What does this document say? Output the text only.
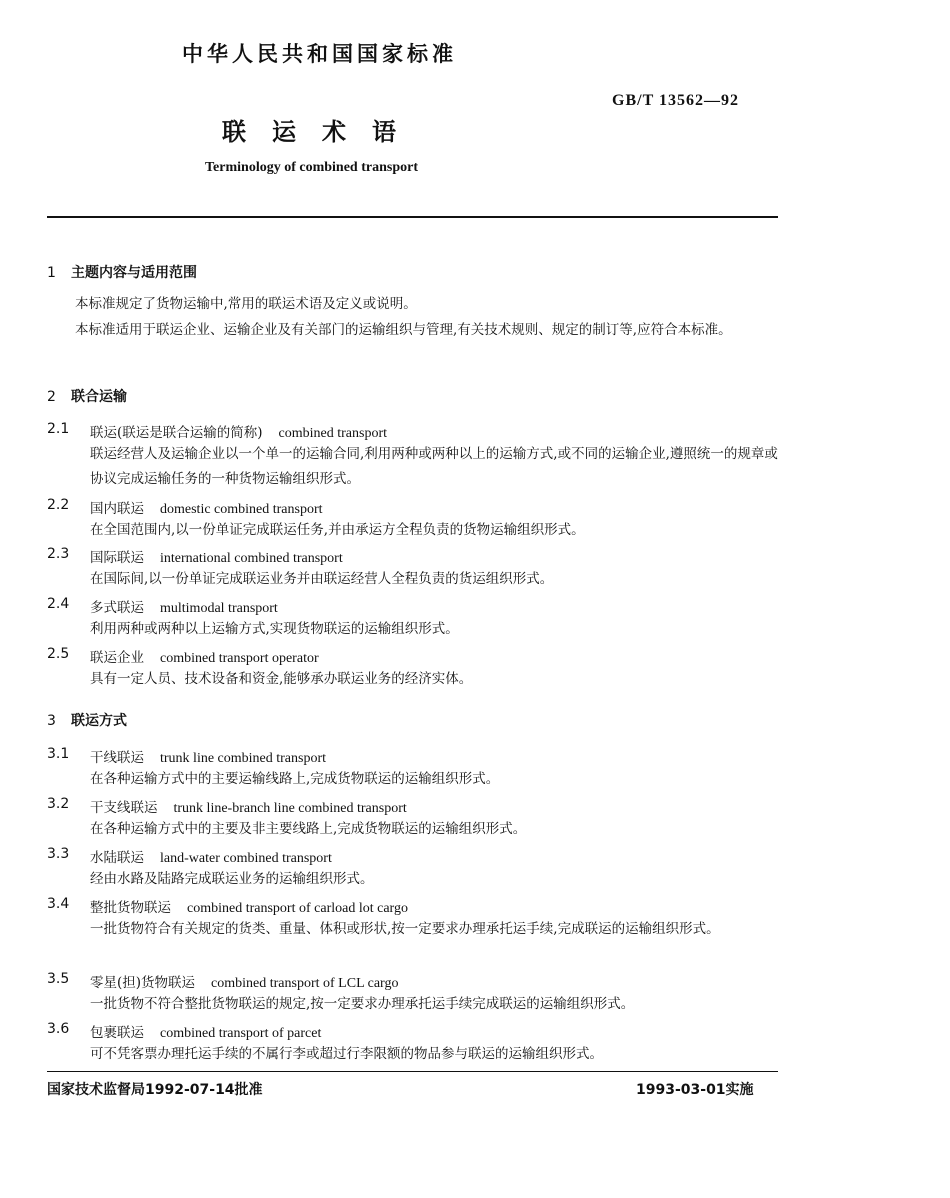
中华人民共和国国家标准
GB/T 13562—92
联运术语
Terminology of combined transport
1 主题内容与适用范围
本标准规定了货物运输中,常用的联运术语及定义或说明。
本标准适用于联运企业、运输企业及有关部门的运输组织与管理,有关技术规则、规定的制订等,应符合本标准。
2 联合运输
2.1 联运(联运是联合运输的简称) combined transport
联运经营人及运输企业以一个单一的运输合同,利用两种或两种以上的运输方式,或不同的运输企业,遵照统一的规章或协议完成运输任务的一种货物运输组织形式。
2.2 国内联运 domestic combined transport
在全国范围内,以一份单证完成联运任务,并由承运方全程负责的货物运输组织形式。
2.3 国际联运 international combined transport
在国际间,以一份单证完成联运业务并由联运经营人全程负责的货运组织形式。
2.4 多式联运 multimodal transport
利用两种或两种以上运输方式,实现货物联运的运输组织形式。
2.5 联运企业 combined transport operator
具有一定人员、技术设备和资金,能够承办联运业务的经济实体。
3 联运方式
3.1 干线联运 trunk line combined transport
在各种运输方式中的主要运输线路上,完成货物联运的运输组织形式。
3.2 干支线联运 trunk line-branch line combined transport
在各种运输方式中的主要及非主要线路上,完成货物联运的运输组织形式。
3.3 水陆联运 land-water combined transport
经由水路及陆路完成联运业务的运输组织形式。
3.4 整批货物联运 combined transport of carload lot cargo
一批货物符合有关规定的货类、重量、体积或形状,按一定要求办理承托运手续,完成联运的运输组织形式。
3.5 零星(担)货物联运 combined transport of LCL cargo
一批货物不符合整批货物联运的规定,按一定要求办理承托运手续完成联运的运输组织形式。
3.6 包裹联运 combined transport of parcet
可不凭客票办理托运手续的不属行李或超过行李限额的物品参与联运的运输组织形式。
国家技术监督局1992-07-14批准	1993-03-01实施
